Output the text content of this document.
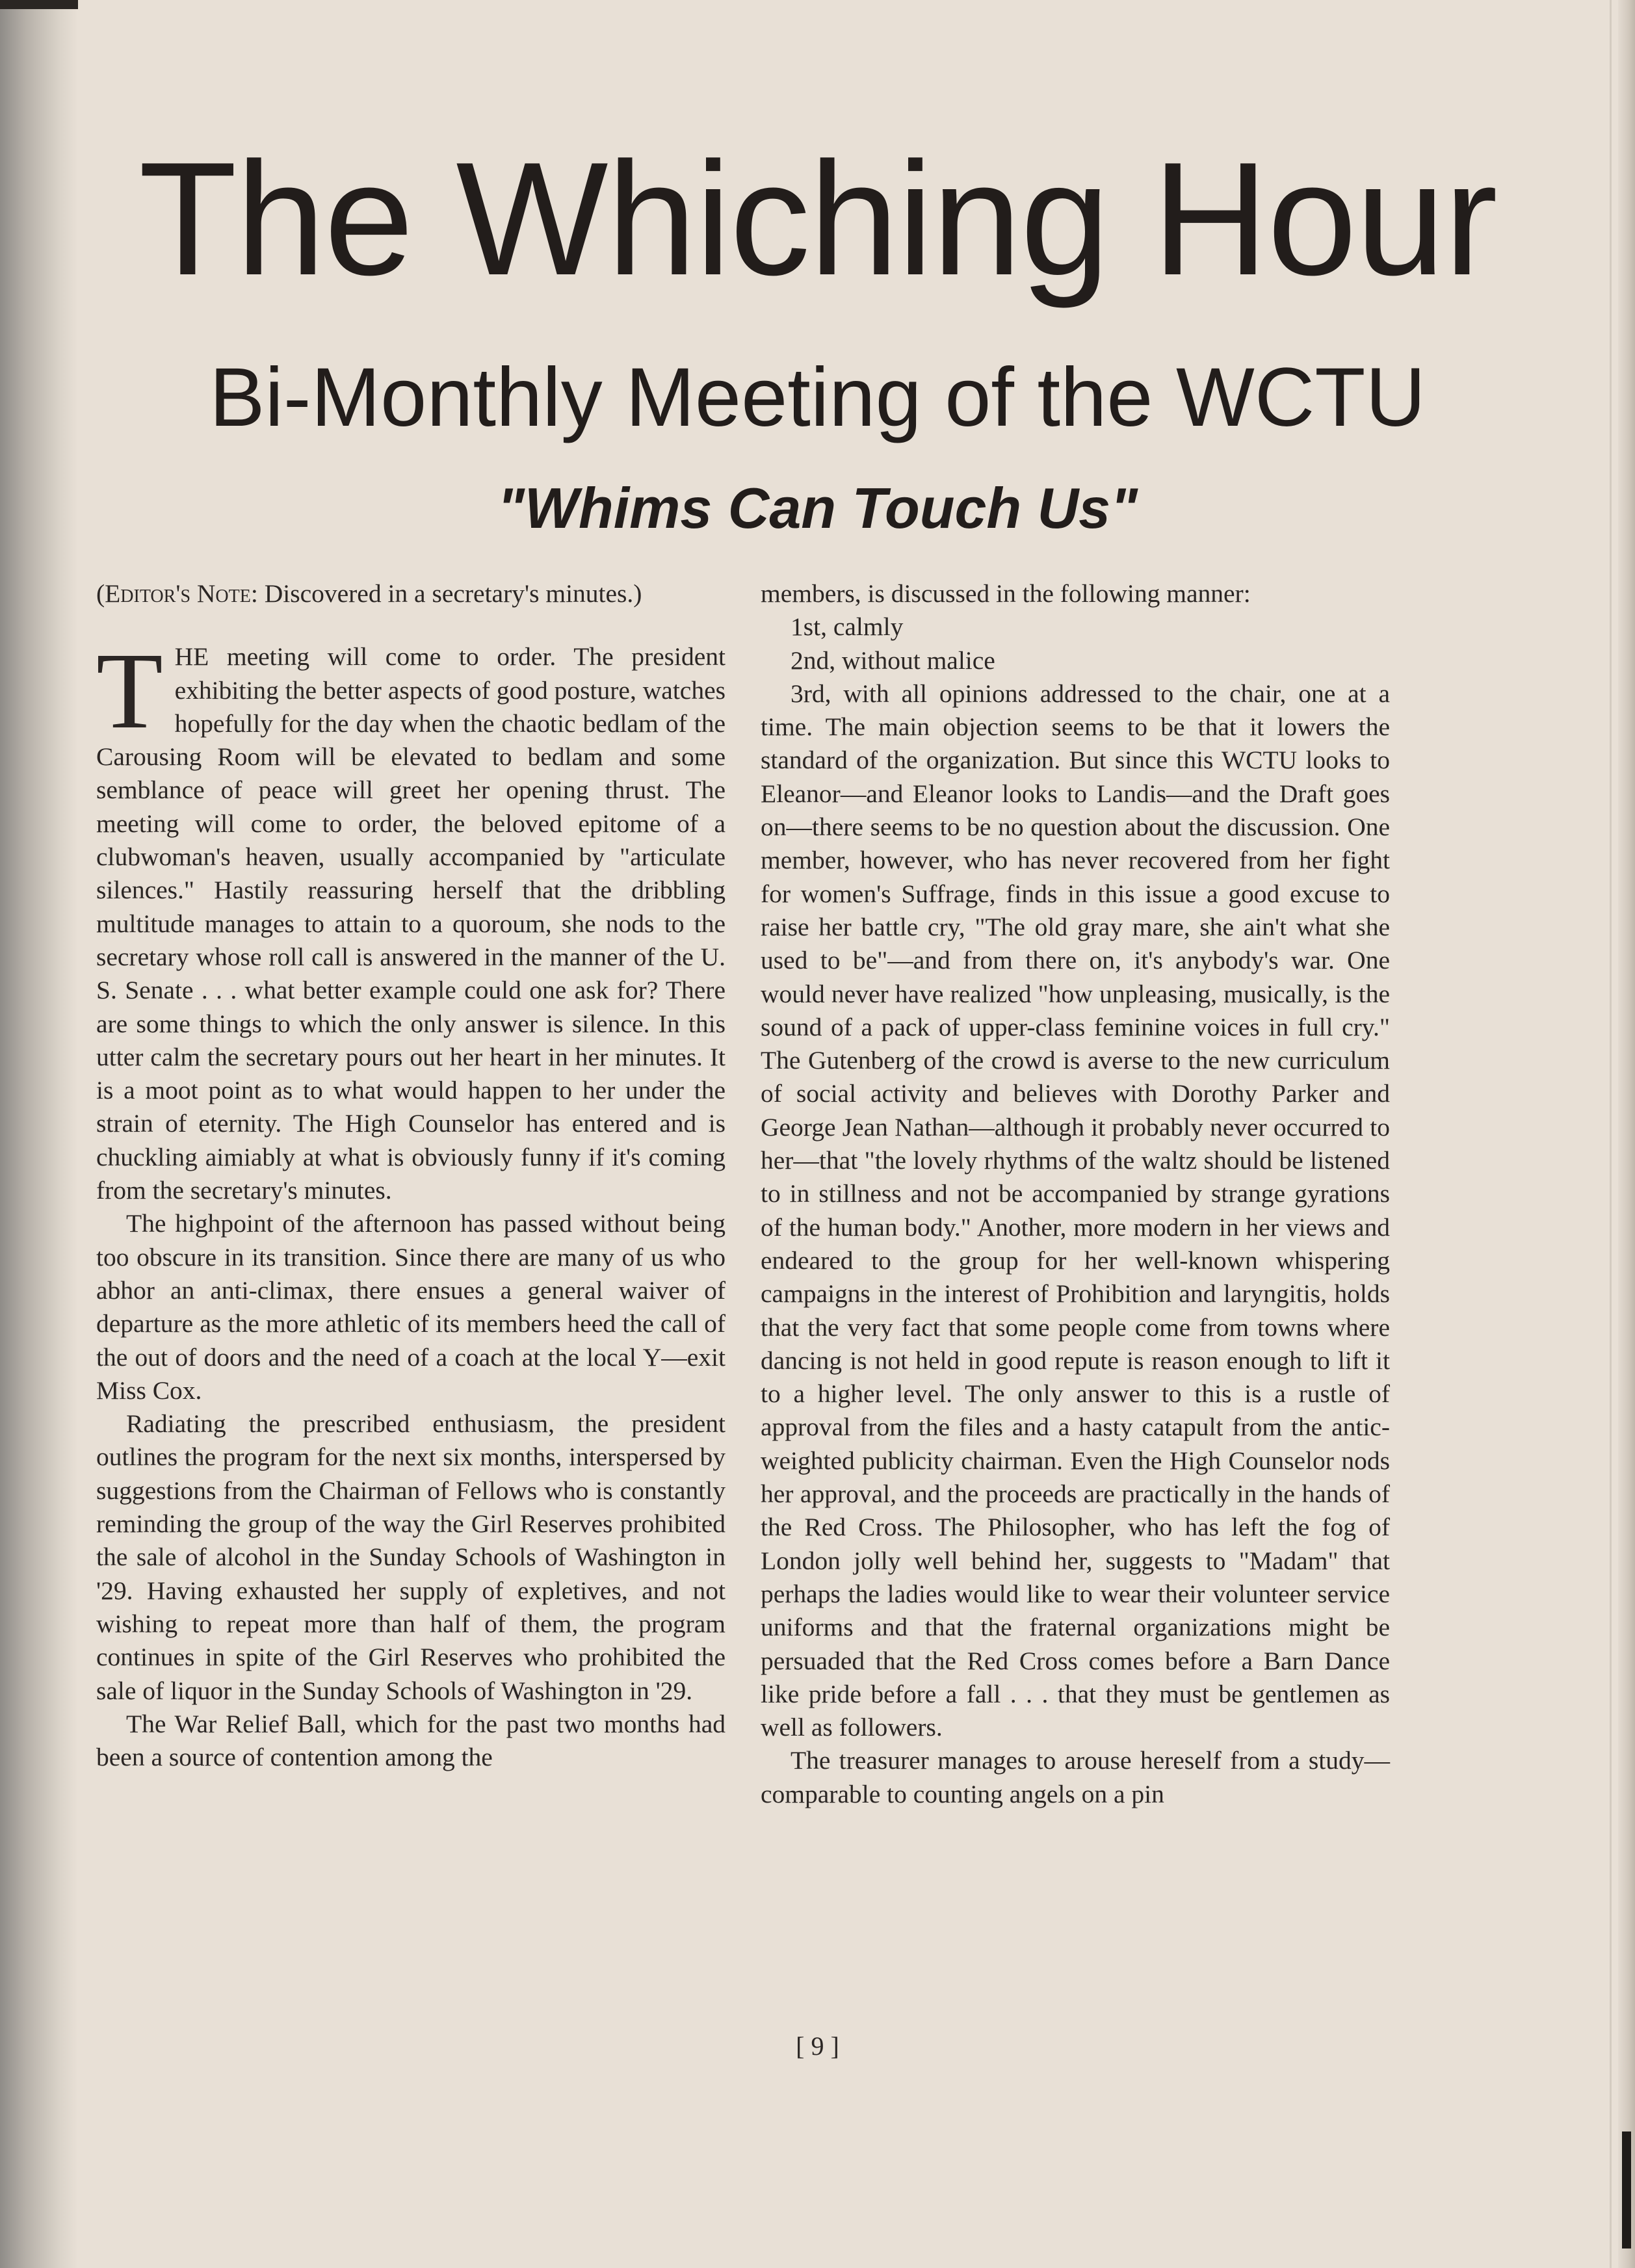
The Whiching Hour
Bi-Monthly Meeting of the WCTU
"Whims Can Touch Us"

(Editor's Note: Discovered in a secretary's minutes.)

THE meeting will come to order. The president exhibiting the better aspects of good posture, watches hopefully for the day when the chaotic bedlam of the Carousing Room will be elevated to bedlam and some semblance of peace will greet her opening thrust. The meeting will come to order, the beloved epitome of a clubwoman's heaven, usually accompanied by "articulate silences." Hastily reassuring herself that the dribbling multitude manages to attain to a quoroum, she nods to the secretary whose roll call is answered in the manner of the U. S. Senate . . . what better example could one ask for? There are some things to which the only answer is silence. In this utter calm the secretary pours out her heart in her minutes. It is a moot point as to what would happen to her under the strain of eternity. The High Counselor has entered and is chuckling aimiably at what is obviously funny if it's coming from the secretary's minutes.

The highpoint of the afternoon has passed without being too obscure in its transition. Since there are many of us who abhor an anti-climax, there ensues a general waiver of departure as the more athletic of its members heed the call of the out of doors and the need of a coach at the local Y—exit Miss Cox.

Radiating the prescribed enthusiasm, the president outlines the program for the next six months, interspersed by suggestions from the Chairman of Fellows who is constantly reminding the group of the way the Girl Reserves prohibited the sale of alcohol in the Sunday Schools of Washington in '29. Having exhausted her supply of expletives, and not wishing to repeat more than half of them, the program continues in spite of the Girl Reserves who prohibited the sale of liquor in the Sunday Schools of Washington in '29.

The War Relief Ball, which for the past two months had been a source of contention among the

members, is discussed in the following manner:

1st, calmly

2nd, without malice

3rd, with all opinions addressed to the chair, one at a time. The main objection seems to be that it lowers the standard of the organization. But since this WCTU looks to Eleanor—and Eleanor looks to Landis—and the Draft goes on—there seems to be no question about the discussion. One member, however, who has never recovered from her fight for women's Suffrage, finds in this issue a good excuse to raise her battle cry, "The old gray mare, she ain't what she used to be"—and from there on, it's anybody's war. One would never have realized "how unpleasing, musically, is the sound of a pack of upper-class feminine voices in full cry." The Gutenberg of the crowd is averse to the new curriculum of social activity and believes with Dorothy Parker and George Jean Nathan—although it probably never occurred to her—that "the lovely rhythms of the waltz should be listened to in stillness and not be accompanied by strange gyrations of the human body." Another, more modern in her views and endeared to the group for her well-known whispering campaigns in the interest of Prohibition and laryngitis, holds that the very fact that some people come from towns where dancing is not held in good repute is reason enough to lift it to a higher level. The only answer to this is a rustle of approval from the files and a hasty catapult from the antic-weighted publicity chairman. Even the High Counselor nods her approval, and the proceeds are practically in the hands of the Red Cross. The Philosopher, who has left the fog of London jolly well behind her, suggests to "Madam" that perhaps the ladies would like to wear their volunteer service uniforms and that the fraternal organizations might be persuaded that the Red Cross comes before a Barn Dance like pride before a fall . . . that they must be gentlemen as well as followers.

The treasurer manages to arouse hereself from a study—comparable to counting angels on a pin

[ 9 ]
